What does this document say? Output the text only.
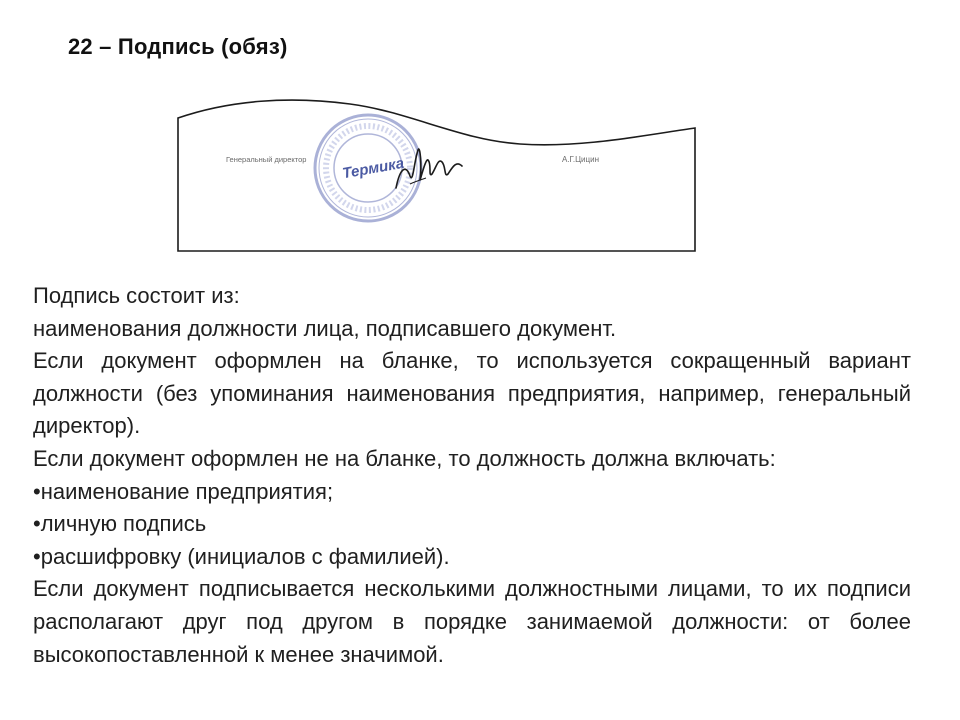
22 – Подпись (обяз)
Генеральный директор Термика	А.Г.Цицин

Подпись состоит из:

наименования должности лица, подписавшего документ.

Если документ оформлен на бланке, то используется сокращенный вариант должности (без упоминания наименования предприятия, например, генеральный директор).

Если документ оформлен не на бланке, то должность должна включать:

• наименование предприятия;

• личную подпись

• расшифровку (инициалов с фамилией).

Если документ подписывается несколькими должностными лицами, то их подписи располагают друг под другом в порядке занимаемой должности: от более высокопоставленной к менее значимой.
